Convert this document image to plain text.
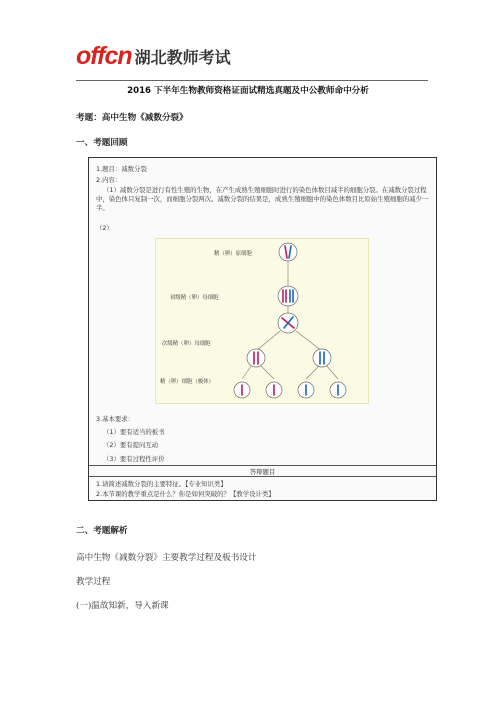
offcn 湖北教师考试
2016 下半年生物教师资格证面试精选真题及中公教师命中分析
考题：高中生物《减数分裂》
一、考题回顾
1.题目：减数分裂
2.内容：
（1）减数分裂是进行有性生殖的生物，在产生成熟生殖细胞时进行的染色体数目减半的细胞分裂。在减数分裂过程中，染色体只复制一次，而细胞分裂两次。减数分裂的结果是，成熟生殖细胞中的染色体数目比原始生殖细胞的减少一半。
（2）
精（卵）原细胞
初级精（卵）母细胞
次级精（卵）母细胞
精（卵）细胞（极体）
3.基本要求：
（1）要有适当的板书
（2）要有提问互动
（3）要有过程性评价
答辩题目
1.请简述减数分裂的主要特征。【专业知识类】
2.本节课的教学重点是什么？你是如何突破的？【教学设计类】
二、考题解析
高中生物《减数分裂》主要教学过程及板书设计
教学过程
(一)温故知新，导入新课
